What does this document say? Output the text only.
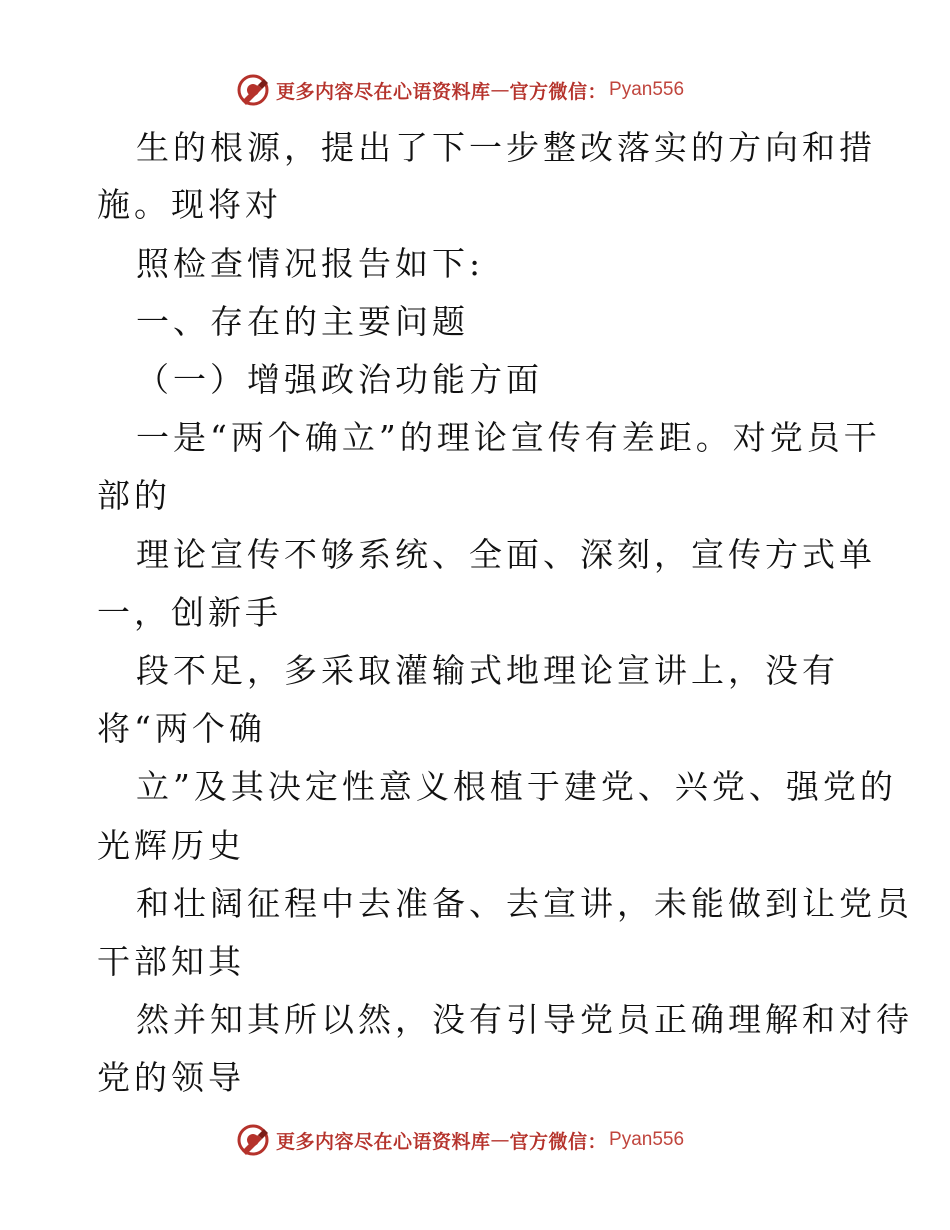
更多内容尽在心语资料库 — 官方微信： Pyan556
生的根源，提出了下一步整改落实的方向和措
施。现将对
照检查情况报告如下:
一、存在的主要问题
（一）增强政治功能方面
一是“两个确立”的理论宣传有差距。对党员干
部的
理论宣传不够系统、全面、深刻，宣传方式单
一，创新手
段不足，多采取灌输式地理论宣讲上，没有
将“两个确
立”及其决定性意义根植于建党、兴党、强党的
光辉历史
和壮阔征程中去准备、去宣讲，未能做到让党员
干部知其
然并知其所以然，没有引导党员正确理解和对待
党的领导
更多内容尽在心语资料库 — 官方微信： Pyan556
